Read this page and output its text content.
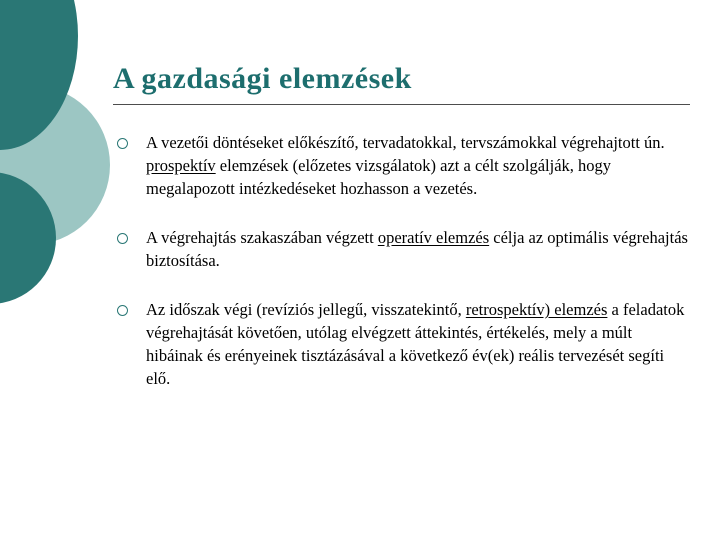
A gazdasági elemzések

A vezetői döntéseket előkészítő, tervadatokkal, tervszámokkal végrehajtott ún. prospektív elemzések (előzetes vizsgálatok) azt a célt szolgálják, hogy megalapozott intézkedéseket hozhasson a vezetés.

A végrehajtás szakaszában végzett operatív elemzés célja az optimális végrehajtás biztosítása.

Az időszak végi (revíziós jellegű, visszatekintő, retrospektív) elemzés a feladatok végrehajtását követően, utólag elvégzett áttekintés, értékelés, mely a múlt hibáinak és erényeinek tisztázásával a következő év(ek) reális tervezését segíti elő.
